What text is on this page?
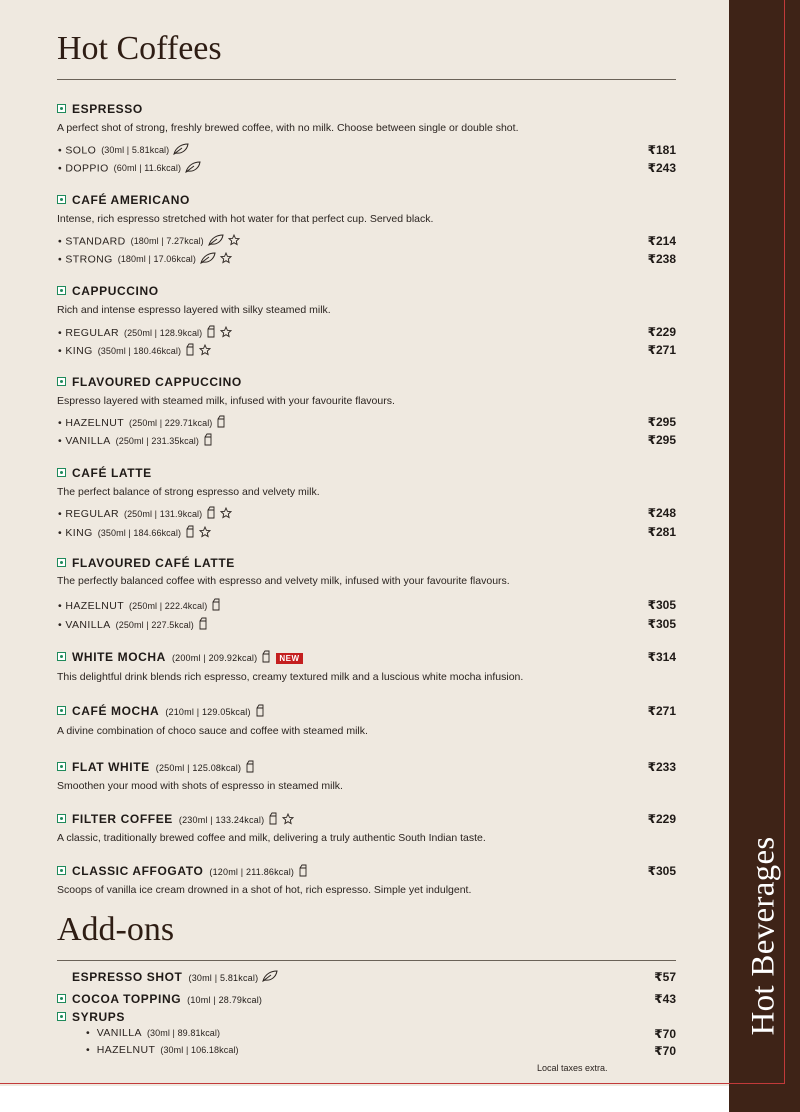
Hot Beverages
Hot Coffees
ESPRESSO
A perfect shot of strong, freshly brewed coffee, with no milk. Choose between single or double shot.
• SOLO (30ml | 5.81kcal)	₹181
• DOPPIO (60ml | 11.6kcal)	₹243
CAFÉ AMERICANO
Intense, rich espresso stretched with hot water for that perfect cup. Served black.
• STANDARD (180ml | 7.27kcal)	₹214
• STRONG (180ml | 17.06kcal)	₹238
CAPPUCCINO
Rich and intense espresso layered with silky steamed milk.
• REGULAR (250ml | 128.9kcal)	₹229
• KING (350ml | 180.46kcal)	₹271
FLAVOURED CAPPUCCINO
Espresso layered with steamed milk, infused with your favourite flavours.
• HAZELNUT (250ml | 229.71kcal)	₹295
• VANILLA (250ml | 231.35kcal)	₹295
CAFÉ LATTE
The perfect balance of strong espresso and velvety milk.
• REGULAR (250ml | 131.9kcal)	₹248
• KING (350ml | 184.66kcal)	₹281
FLAVOURED CAFÉ LATTE
The perfectly balanced coffee with espresso and velvety milk, infused with your favourite flavours.
• HAZELNUT (250ml | 222.4kcal)	₹305
• VANILLA (250ml | 227.5kcal)	₹305
WHITE MOCHA (200ml | 209.92kcal)	NEW	₹314
This delightful drink blends rich espresso, creamy textured milk and a luscious white mocha infusion.
CAFÉ MOCHA (210ml | 129.05kcal)	₹271
A divine combination of choco sauce and coffee with steamed milk.
FLAT WHITE (250ml | 125.08kcal)	₹233
Smoothen your mood with shots of espresso in steamed milk.
FILTER COFFEE (230ml | 133.24kcal)	₹229
A classic, traditionally brewed coffee and milk, delivering a truly authentic South Indian taste.
CLASSIC AFFOGATO (120ml | 211.86kcal)	₹305
Scoops of vanilla ice cream drowned in a shot of hot, rich espresso. Simple yet indulgent.
Add-ons
ESPRESSO SHOT (30ml | 5.81kcal)	₹57
COCOA TOPPING (10ml | 28.79kcal)	₹43
SYRUPS
•  VANILLA (30ml | 89.81kcal)	₹70
•  HAZELNUT (30ml | 106.18kcal)	₹70
Local taxes extra.
